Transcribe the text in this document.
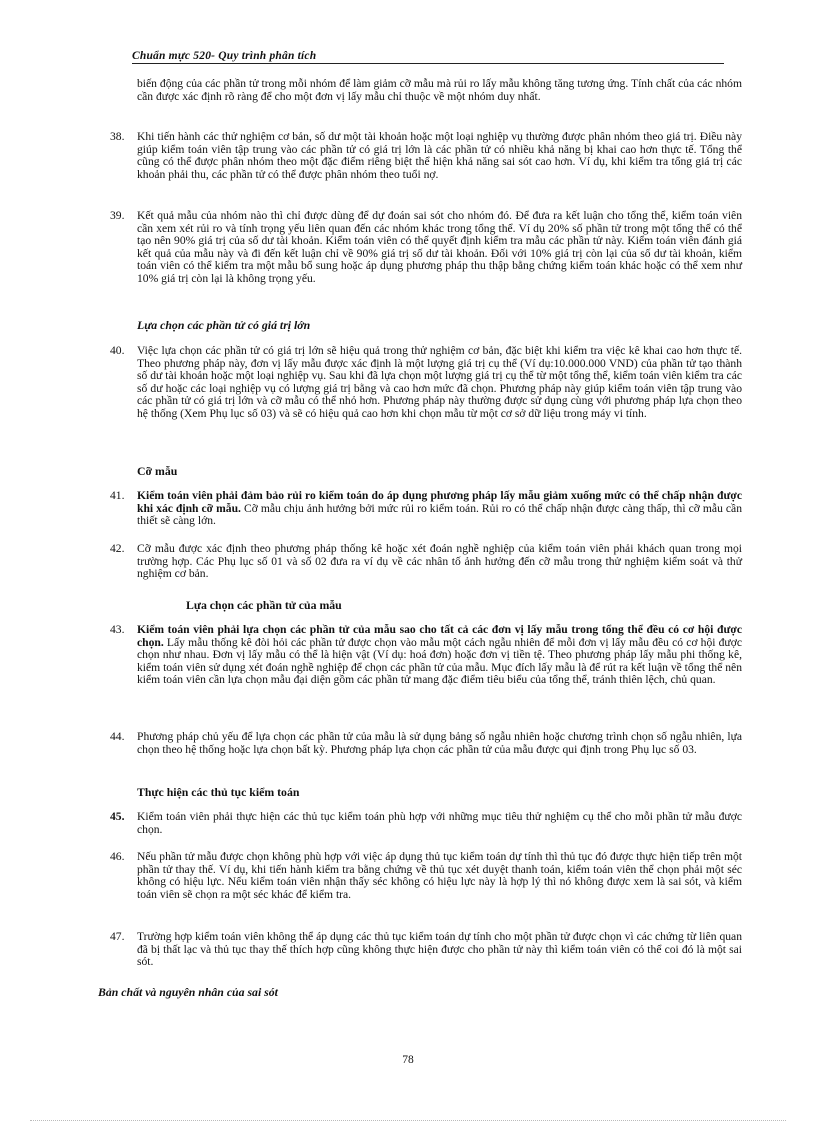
Chuẩn mực 520- Quy trình phân tích

biến động của các phần tử trong mỗi nhóm để làm giảm cỡ mẫu mà rủi ro lấy mẫu không tăng tương ứng. Tính chất của các nhóm cần được xác định rõ ràng để cho một đơn vị lấy mẫu chỉ thuộc về một nhóm duy nhất.

38. Khi tiến hành các thử nghiệm cơ bản, số dư một tài khoản hoặc một loại nghiệp vụ thường được phân nhóm theo giá trị. Điều này giúp kiểm toán viên tập trung vào các phần tử có giá trị lớn là các phần tử có nhiều khả năng bị khai cao hơn thực tế. Tổng thể cũng có thể được phân nhóm theo một đặc điểm riêng biệt thể hiện khả năng sai sót cao hơn. Ví dụ, khi kiểm tra tổng giá trị các khoản phải thu, các phần tử có thể được phân nhóm theo tuổi nợ.

39. Kết quả mẫu của nhóm nào thì chỉ được dùng để dự đoán sai sót cho nhóm đó. Để đưa ra kết luận cho tổng thể, kiểm toán viên cần xem xét rủi ro và tính trọng yếu liên quan đến các nhóm khác trong tổng thể. Ví dụ 20% số phần tử trong một tổng thể có thể tạo nên 90% giá trị của số dư tài khoản. Kiểm toán viên có thể quyết định kiểm tra mẫu các phần tử này. Kiểm toán viên đánh giá kết quả của mẫu này và đi đến kết luận chỉ về 90% giá trị số dư tài khoản. Đối với 10% giá trị còn lại của số dư tài khoản, kiểm toán viên có thể kiểm tra một mẫu bổ sung hoặc áp dụng phương pháp thu thập bằng chứng kiểm toán khác hoặc có thể xem như 10% giá trị còn lại là không trọng yếu.

Lựa chọn các phần tử có giá trị lớn

40. Việc lựa chọn các phần tử có giá trị lớn sẽ hiệu quả trong thử nghiệm cơ bản, đặc biệt khi kiểm tra việc kê khai cao hơn thực tế. Theo phương pháp này, đơn vị lấy mẫu được xác định là một lượng giá trị cụ thể (Ví dụ:10.000.000 VND) của phần tử tạo thành số dư tài khoản hoặc một loại nghiệp vụ. Sau khi đã lựa chọn một lượng giá trị cụ thể từ một tổng thể, kiểm toán viên kiểm tra các số dư hoặc các loại nghiệp vụ có lượng giá trị bằng và cao hơn mức đã chọn. Phương pháp này giúp kiểm toán viên tập trung vào các phần tử có giá trị lớn và cỡ mẫu có thể nhỏ hơn. Phương pháp này thường được sử dụng cùng với phương pháp lựa chọn theo hệ thống (Xem Phụ lục số 03) và sẽ có hiệu quả cao hơn khi chọn mẫu từ một cơ sở dữ liệu trong máy vi tính.

Cỡ mẫu

41. Kiểm toán viên phải đảm bảo rủi ro kiểm toán do áp dụng phương pháp lấy mẫu giảm xuống mức có thể chấp nhận được khi xác định cỡ mẫu. Cỡ mẫu chịu ảnh hưởng bởi mức rủi ro kiểm toán. Rủi ro có thể chấp nhận được càng thấp, thì cỡ mẫu cần thiết sẽ càng lớn.

42. Cỡ mẫu được xác định theo phương pháp thống kê hoặc xét đoán nghề nghiệp của kiểm toán viên phải khách quan trong mọi trường hợp. Các Phụ lục số 01 và số 02 đưa ra ví dụ về các nhân tố ảnh hưởng đến cỡ mẫu trong thử nghiệm kiểm soát và thử nghiệm cơ bản.

Lựa chọn các phần tử của mẫu

43. Kiểm toán viên phải lựa chọn các phần tử của mẫu sao cho tất cả các đơn vị lấy mẫu trong tổng thể đều có cơ hội được chọn. Lấy mẫu thống kê đòi hỏi các phần tử được chọn vào mẫu một cách ngẫu nhiên để mỗi đơn vị lấy mẫu đều có cơ hội được chọn như nhau. Đơn vị lấy mẫu có thể là hiện vật (Ví dụ: hoá đơn) hoặc đơn vị tiền tệ. Theo phương pháp lấy mẫu phi thống kê, kiểm toán viên sử dụng xét đoán nghề nghiệp để chọn các phần tử của mẫu. Mục đích lấy mẫu là để rút ra kết luận về tổng thể nên kiểm toán viên cần lựa chọn mẫu đại diện gồm các phần tử mang đặc điểm tiêu biểu của tổng thể, tránh thiên lệch, chủ quan.

44. Phương pháp chủ yếu để lựa chọn các phần tử của mẫu là sử dụng bảng số ngẫu nhiên hoặc chương trình chọn số ngẫu nhiên, lựa chọn theo hệ thống hoặc lựa chọn bất kỳ. Phương pháp lựa chọn các phần tử của mẫu được qui định trong Phụ lục số 03.

Thực hiện các thủ tục kiểm toán

45. Kiểm toán viên phải thực hiện các thủ tục kiểm toán phù hợp với những mục tiêu thử nghiệm cụ thể cho mỗi phần tử mẫu được chọn.

46. Nếu phần tử mẫu được chọn không phù hợp với việc áp dụng thủ tục kiểm toán dự tính thì thủ tục đó được thực hiện tiếp trên một phần tử thay thế. Ví dụ, khi tiến hành kiểm tra bằng chứng về thủ tục xét duyệt thanh toán, kiểm toán viên thể chọn phải một séc không có hiệu lực. Nếu kiểm toán viên nhận thấy séc không có hiệu lực này là hợp lý thì nó không được xem là sai sót, và kiểm toán viên sẽ chọn ra một séc khác để kiểm tra.

47. Trường hợp kiểm toán viên không thể áp dụng các thủ tục kiểm toán dự tính cho một phần tử được chọn vì các chứng từ liên quan đã bị thất lạc và thủ tục thay thế thích hợp cũng không thực hiện được cho phần tử này thì kiểm toán viên có thể coi đó là một sai sót.

Bản chất và nguyên nhân của sai sót

78
